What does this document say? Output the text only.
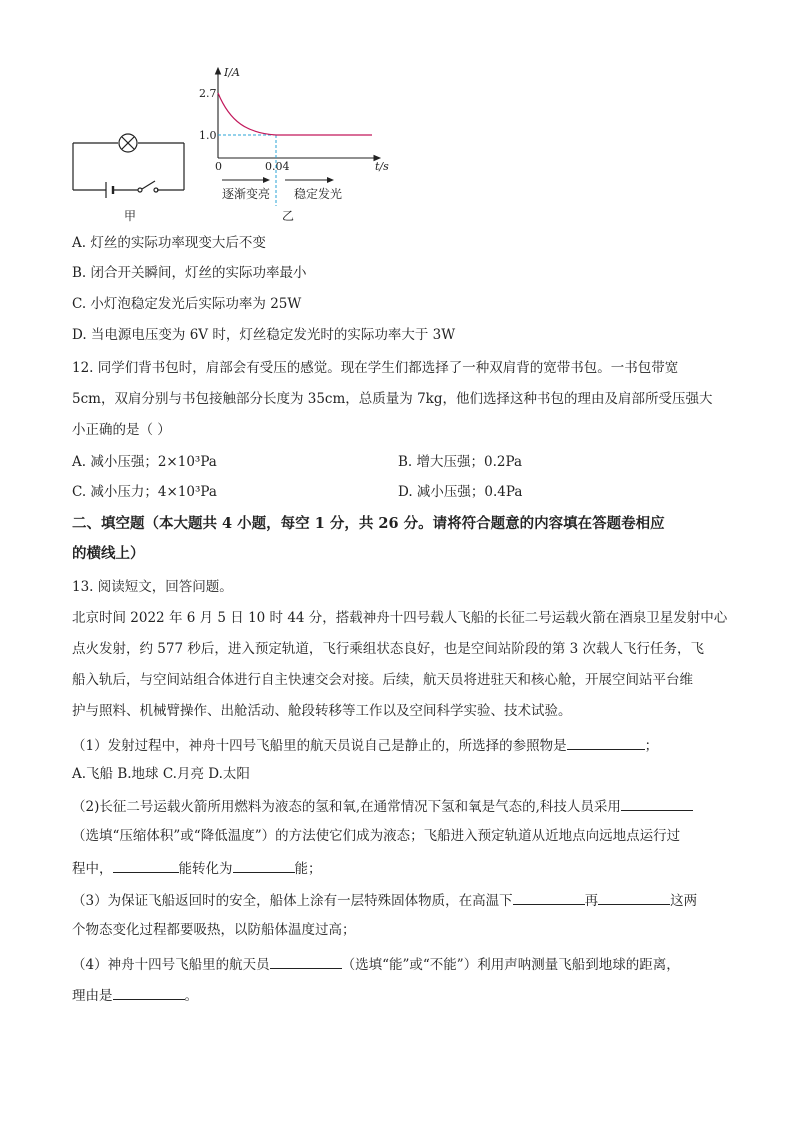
甲
I/A
t/s
0
2.7
1.0
0.04
逐渐变亮 稳定发光
乙
A. 灯丝的实际功率现变大后不变
B. 闭合开关瞬间，灯丝的实际功率最小
C. 小灯泡稳定发光后实际功率为 25W
D. 当电源电压变为 6V 时，灯丝稳定发光时的实际功率大于 3W
12. 同学们背书包时，肩部会有受压的感觉。现在学生们都选择了一种双肩背的宽带书包。一书包带宽
5cm，双肩分别与书包接触部分长度为 35cm，总质量为 7kg，他们选择这种书包的理由及肩部所受压强大
小正确的是（ ）
A. 减小压强；2×10³Pa	B. 增大压强；0.2Pa
C. 减小压力；4×10³Pa	D. 减小压强；0.4Pa
二、填空题（本大题共 4 小题，每空 1 分，共 26 分。请将符合题意的内容填在答题卷相应
的横线上）
13. 阅读短文，回答问题。
北京时间 2022 年 6 月 5 日 10 时 44 分，搭载神舟十四号载人飞船的长征二号运载火箭在酒泉卫星发射中心
点火发射，约 577 秒后，进入预定轨道，飞行乘组状态良好，也是空间站阶段的第 3 次载人飞行任务，飞
船入轨后，与空间站组合体进行自主快速交会对接。后续，航天员将进驻天和核心舱，开展空间站平台维
护与照料、机械臂操作、出舱活动、舱段转移等工作以及空间科学实验、技术试验。
（1）发射过程中，神舟十四号飞船里的航天员说自己是静止的，所选择的参照物是	；
A.飞船 B.地球 C.月亮 D.太阳
（2)长征二号运载火箭所用燃料为液态的氢和氧,在通常情况下氢和氧是气态的,科技人员采用
（选填“压缩体积”或“降低温度”）的方法使它们成为液态；飞船进入预定轨道从近地点向远地点运行过
程中，	能转化为	能；
（3）为保证飞船返回时的安全，船体上涂有一层特殊固体物质，在高温下	再	这两
个物态变化过程都要吸热，以防船体温度过高；
（4）神舟十四号飞船里的航天员	（选填“能”或“不能”）利用声呐测量飞船到地球的距离，
理由是	。
